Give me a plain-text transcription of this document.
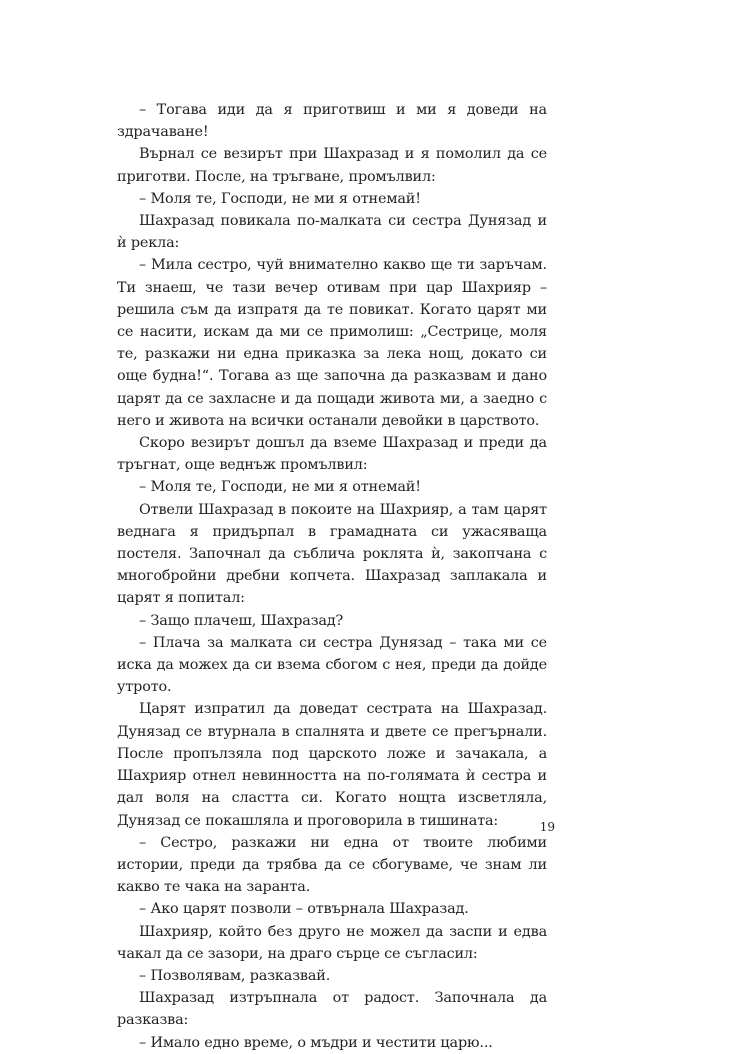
– Тогава иди да я приготвиш и ми я доведи на здрачаване!

Върнал се везирът при Шахразад и я помолил да се приготви. После, на тръгване, промълвил:

– Моля те, Господи, не ми я отнемай!

Шахразад повикала по-малката си сестра Дунязад и ѝ рекла:

– Мила сестро, чуй внимателно какво ще ти заръчам. Ти знаеш, че тази вечер отивам при цар Шахрияр – решила съм да изпратя да те повикат. Когато царят ми се насити, искам да ми се примолиш: „Сестрице, моля те, разкажи ни една приказка за лека нощ, докато си още будна!“. Тогава аз ще започна да разказвам и дано царят да се захласне и да пощади живота ми, а заедно с него и живота на всички останали девойки в царството.

Скоро везирът дошъл да вземе Шахразад и преди да тръгнат, още веднъж промълвил:

– Моля те, Господи, не ми я отнемай!

Отвели Шахразад в покоите на Шахрияр, а там царят веднага я придърпал в грамадната си ужасяваща постеля. Започнал да съблича роклята ѝ, закопчана с многобройни дребни копчета. Шахразад заплакала и царят я попитал:

– Защо плачеш, Шахразад?

– Плача за малката си сестра Дунязад – така ми се иска да можех да си взема сбогом с нея, преди да дойде утрото.

Царят изпратил да доведат сестрата на Шахразад. Дунязад се втурнала в спалнята и двете се прегърнали. После пропълзяла под царското ложе и зачакала, а Шахрияр отнел невинността на по-голямата ѝ сестра и дал воля на сластта си. Когато нощта изсветляла, Дунязад се покашляла и проговорила в тишината:

– Сестро, разкажи ни една от твоите любими истории, преди да трябва да се сбогуваме, че знам ли какво те чака на заранта.

– Ако царят позволи – отвърнала Шахразад.

Шахрияр, който без друго не можел да заспи и едва чакал да се зазори, на драго сърце се съгласил:

– Позволявам, разказвай.

Шахразад изтръпнала от радост. Започнала да разказва:

– Имало едно време, о мъдри и честити царю...

19
